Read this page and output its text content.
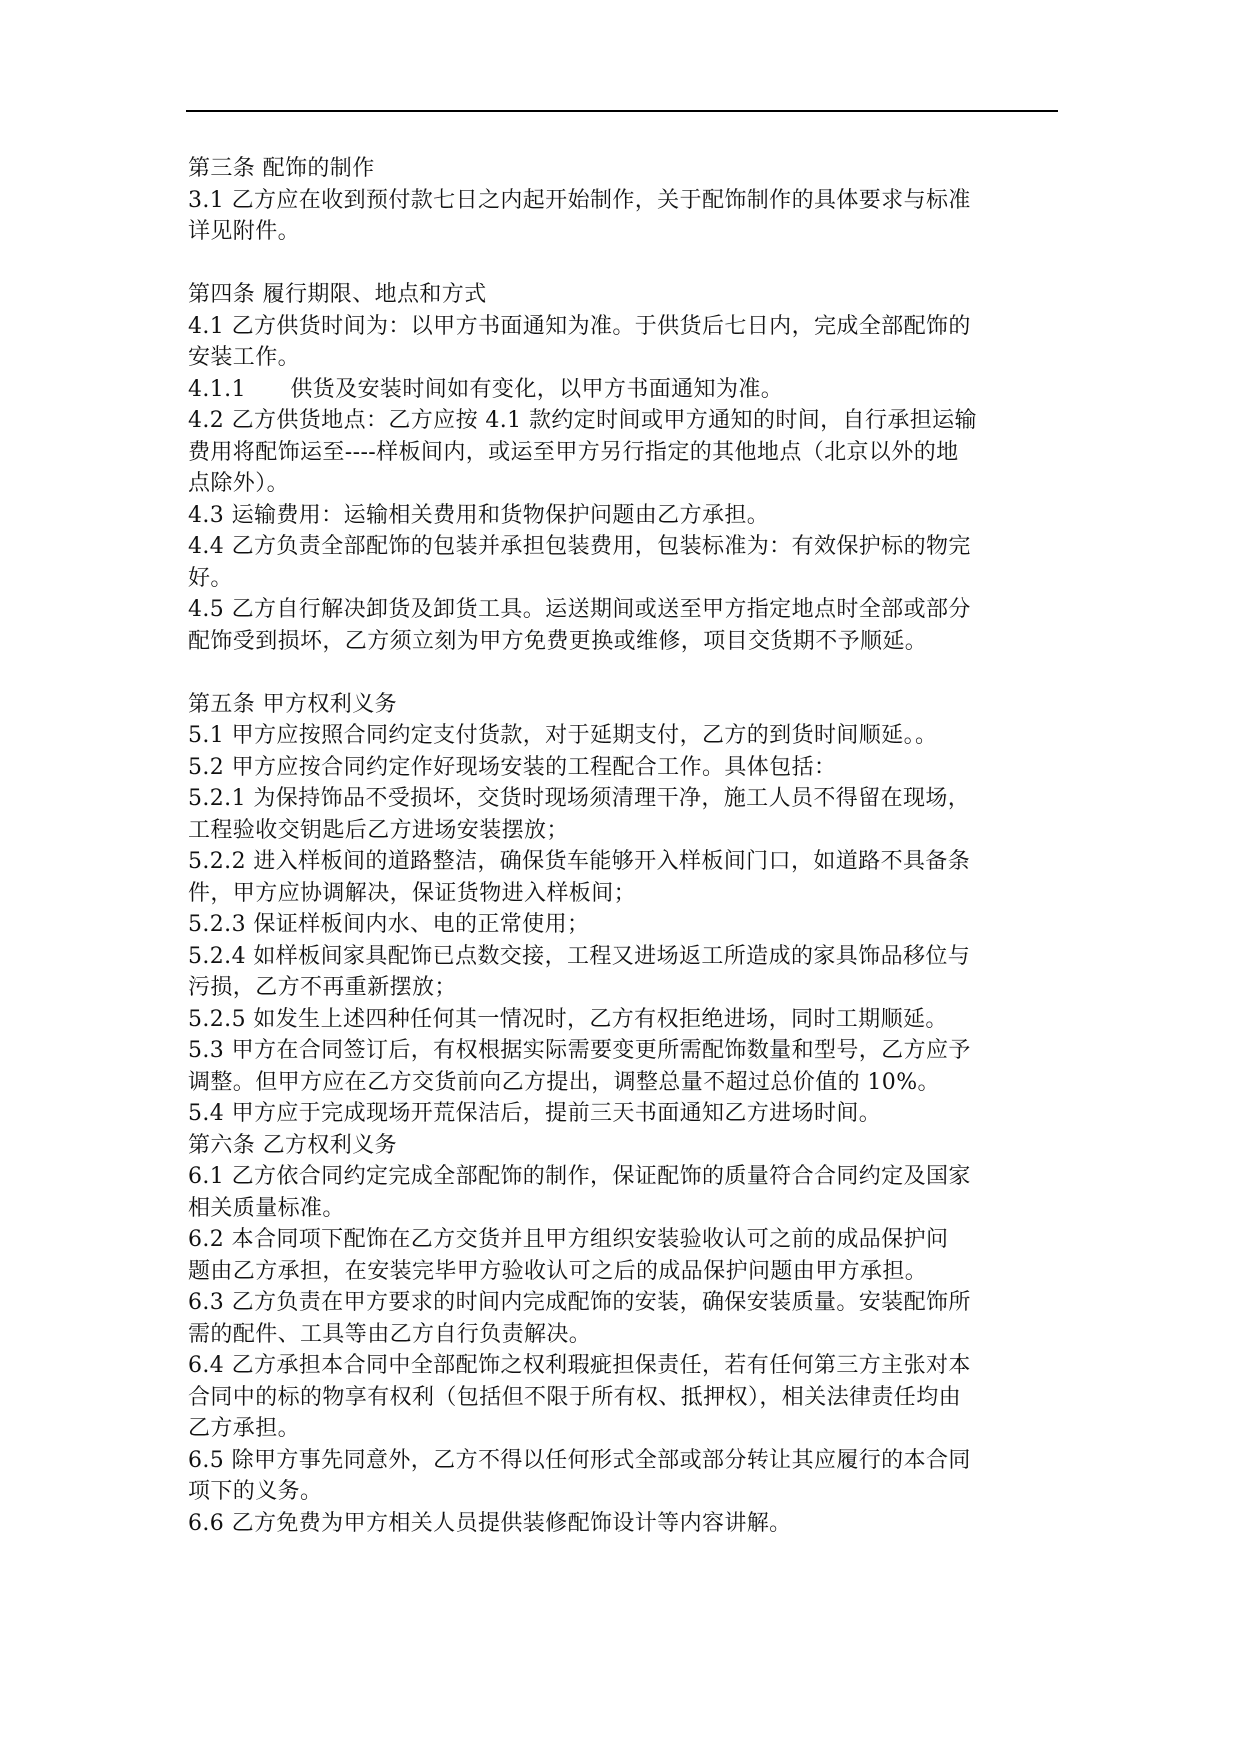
第三条 配饰的制作
3.1 乙方应在收到预付款七日之内起开始制作，关于配饰制作的具体要求与标准
详见附件。
第四条 履行期限、地点和方式
4.1 乙方供货时间为：以甲方书面通知为准。于供货后七日内，完成全部配饰的
安装工作。
4.1.1      供货及安装时间如有变化，以甲方书面通知为准。
4.2 乙方供货地点：乙方应按 4.1 款约定时间或甲方通知的时间，自行承担运输
费用将配饰运至----样板间内，或运至甲方另行指定的其他地点（北京以外的地
点除外）。
4.3 运输费用：运输相关费用和货物保护问题由乙方承担。
4.4 乙方负责全部配饰的包装并承担包装费用，包装标准为：有效保护标的物完
好。
4.5 乙方自行解决卸货及卸货工具。运送期间或送至甲方指定地点时全部或部分
配饰受到损坏，乙方须立刻为甲方免费更换或维修，项目交货期不予顺延。
第五条 甲方权利义务
5.1 甲方应按照合同约定支付货款，对于延期支付，乙方的到货时间顺延。。
5.2 甲方应按合同约定作好现场安装的工程配合工作。具体包括：
5.2.1 为保持饰品不受损坏，交货时现场须清理干净，施工人员不得留在现场，
工程验收交钥匙后乙方进场安装摆放；
5.2.2 进入样板间的道路整洁，确保货车能够开入样板间门口，如道路不具备条
件，甲方应协调解决，保证货物进入样板间；
5.2.3 保证样板间内水、电的正常使用；
5.2.4 如样板间家具配饰已点数交接，工程又进场返工所造成的家具饰品移位与
污损，乙方不再重新摆放；
5.2.5 如发生上述四种任何其一情况时，乙方有权拒绝进场，同时工期顺延。
5.3 甲方在合同签订后，有权根据实际需要变更所需配饰数量和型号，乙方应予
调整。但甲方应在乙方交货前向乙方提出，调整总量不超过总价值的 10%。
5.4 甲方应于完成现场开荒保洁后，提前三天书面通知乙方进场时间。
第六条 乙方权利义务
6.1 乙方依合同约定完成全部配饰的制作，保证配饰的质量符合合同约定及国家
相关质量标准。
6.2 本合同项下配饰在乙方交货并且甲方组织安装验收认可之前的成品保护问
题由乙方承担，在安装完毕甲方验收认可之后的成品保护问题由甲方承担。
6.3 乙方负责在甲方要求的时间内完成配饰的安装，确保安装质量。安装配饰所
需的配件、工具等由乙方自行负责解决。
6.4 乙方承担本合同中全部配饰之权利瑕疵担保责任，若有任何第三方主张对本
合同中的标的物享有权利（包括但不限于所有权、抵押权），相关法律责任均由
乙方承担。
6.5 除甲方事先同意外，乙方不得以任何形式全部或部分转让其应履行的本合同
项下的义务。
6.6 乙方免费为甲方相关人员提供装修配饰设计等内容讲解。
